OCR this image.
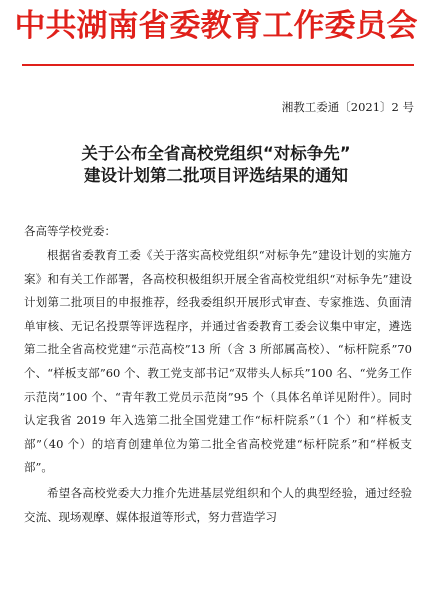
中共湖南省委教育工作委员会
湘教工委通〔2021〕2 号
关于公布全省高校党组织“对标争先”
建设计划第二批项目评选结果的通知
各高等学校党委：

根据省委教育工委《关于落实高校党组织“对标争先”建设计划的实施方案》和有关工作部署，各高校积极组织开展全省高校党组织“对标争先”建设计划第二批项目的申报推荐，经我委组织开展形式审查、专家推选、负面清单审核、无记名投票等评选程序，并通过省委教育工委会议集中审定，遴选第二批全省高校党建“示范高校”13 所（含 3 所部属高校）、“标杆院系”70 个、“样板支部”60 个、教工党支部书记“双带头人标兵”100 名、“党务工作示范岗”100 个、“青年教工党员示范岗”95 个（具体名单详见附件）。同时认定我省 2019 年入选第二批全国党建工作“标杆院系”（1 个）和“样板支部”（40 个）的培育创建单位为第二批全省高校党建“标杆院系”和“样板支部”。

希望各高校党委大力推介先进基层党组织和个人的典型经验，通过经验交流、现场观摩、媒体报道等形式，努力营造学习
